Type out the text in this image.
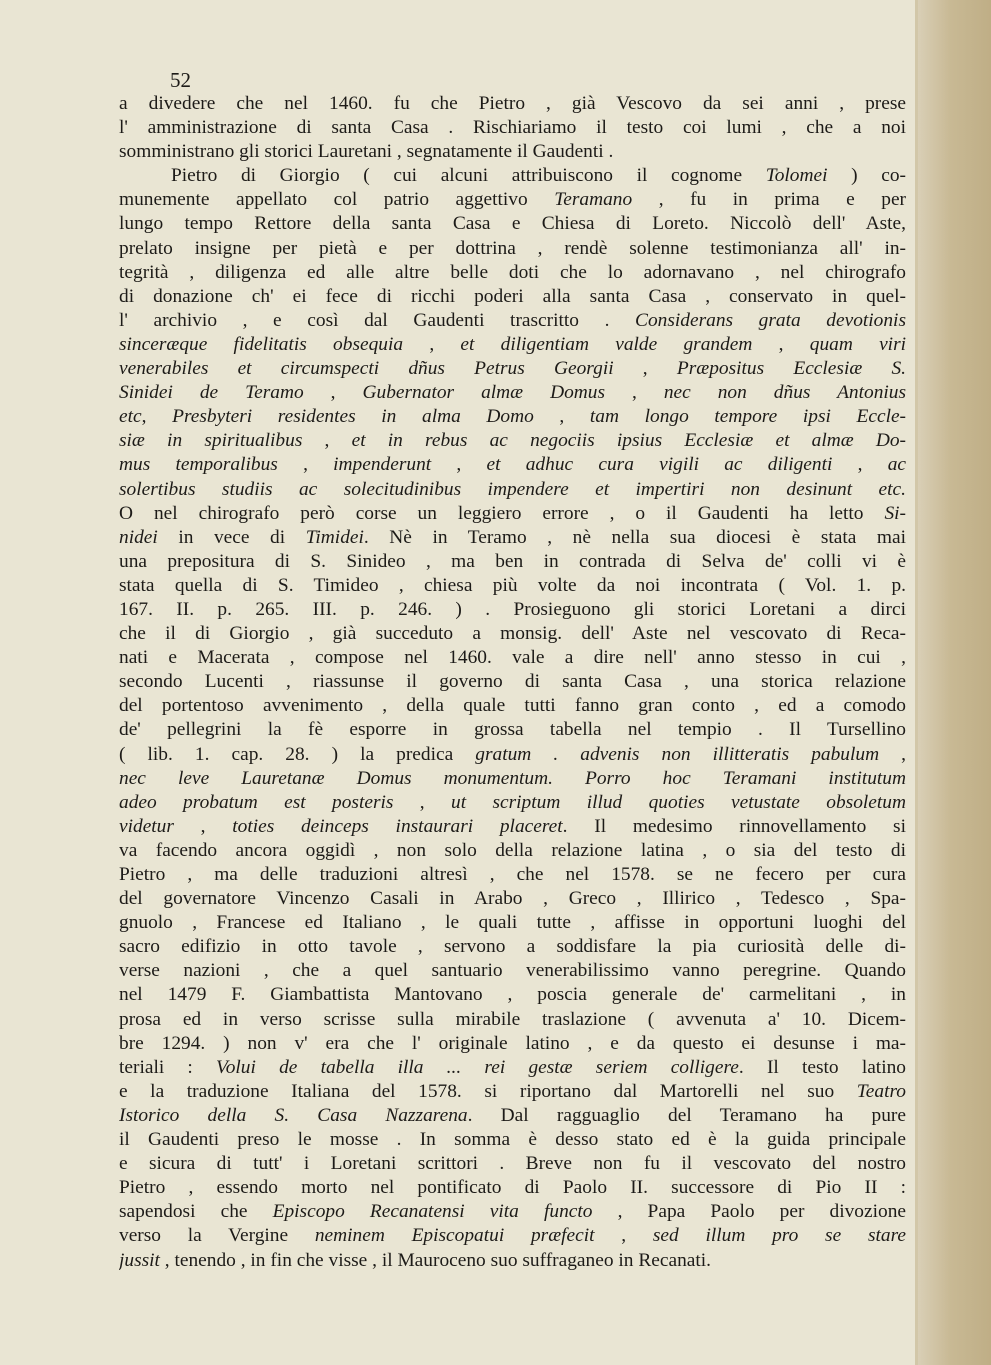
52

a divedere che nel 1460. fu che Pietro , già Vescovo da sei anni , prese
l' amministrazione di santa Casa . Rischiariamo il testo coi lumi , che a noi
somministrano gli storici Lauretani , segnatamente il Gaudenti .
Pietro di Giorgio ( cui alcuni attribuiscono il cognome Tolomei ) co-
munemente appellato col patrio aggettivo Teramano , fu in prima e per
lungo tempo Rettore della santa Casa e Chiesa di Loreto. Niccolò dell' Aste,
prelato insigne per pietà e per dottrina , rendè solenne testimonianza all' in-
tegrità , diligenza ed alle altre belle doti che lo adornavano , nel chirografo
di donazione ch' ei fece di ricchi poderi alla santa Casa , conservato in quel-
l' archivio , e così dal Gaudenti trascritto . Considerans grata devotionis
sinceræque fidelitatis obsequia , et diligentiam valde grandem , quam viri
venerabiles et circumspecti dñus Petrus Georgii , Præpositus Ecclesiæ S.
Sinidei de Teramo , Gubernator almæ Domus , nec non dñus Antonius
etc, Presbyteri residentes in alma Domo , tam longo tempore ipsi Eccle-
siæ in spiritualibus , et in rebus ac negociis ipsius Ecclesiæ et almæ Do-
mus temporalibus , impenderunt , et adhuc cura vigili ac diligenti , ac
solertibus studiis ac solecitudinibus impendere et impertiri non desinunt etc.
O nel chirografo però corse un leggiero errore , o il Gaudenti ha letto Si-
nidei in vece di Timidei. Nè in Teramo , nè nella sua diocesi è stata mai
una prepositura di S. Sinideo , ma ben in contrada di Selva de' colli vi è
stata quella di S. Timideo , chiesa più volte da noi incontrata ( Vol. 1. p.
167. II. p. 265. III. p. 246. ) . Prosieguono gli storici Loretani a dirci
che il di Giorgio , già succeduto a monsig. dell' Aste nel vescovato di Reca-
nati e Macerata , compose nel 1460. vale a dire nell' anno stesso in cui ,
secondo Lucenti , riassunse il governo di santa Casa , una storica relazione
del portentoso avvenimento , della quale tutti fanno gran conto , ed a comodo
de' pellegrini la fè esporre in grossa tabella nel tempio . Il Tursellino
( lib. 1. cap. 28. ) la predica gratum . advenis non illitteratis pabulum ,
nec leve Lauretanæ Domus monumentum. Porro hoc Teramani institutum
adeo probatum est posteris , ut scriptum illud quoties vetustate obsoletum
videtur , toties deinceps instaurari placeret. Il medesimo rinnovellamento si
va facendo ancora oggidì , non solo della relazione latina , o sia del testo di
Pietro , ma delle traduzioni altresì , che nel 1578. se ne fecero per cura
del governatore Vincenzo Casali in Arabo , Greco , Illirico , Tedesco , Spa-
gnuolo , Francese ed Italiano , le quali tutte , affisse in opportuni luoghi del
sacro edifizio in otto tavole , servono a soddisfare la pia curiosità delle di-
verse nazioni , che a quel santuario venerabilissimo vanno peregrine. Quando
nel 1479 F. Giambattista Mantovano , poscia generale de' carmelitani , in
prosa ed in verso scrisse sulla mirabile traslazione ( avvenuta a' 10. Dicem-
bre 1294. ) non v' era che l' originale latino , e da questo ei desunse i ma-
teriali : Volui de tabella illa ... rei gestæ seriem colligere. Il testo latino
e la traduzione Italiana del 1578. si riportano dal Martorelli nel suo Teatro
Istorico della S. Casa Nazzarena. Dal ragguaglio del Teramano ha pure
il Gaudenti preso le mosse . In somma è desso stato ed è la guida principale
e sicura di tutt' i Loretani scrittori . Breve non fu il vescovato del nostro
Pietro , essendo morto nel pontificato di Paolo II. successore di Pio II :
sapendosi che Episcopo Recanatensi vita functo , Papa Paolo per divozione
verso la Vergine neminem Episcopatui præfecit , sed illum pro se stare
jussit , tenendo , in fin che visse , il Mauroceno suo suffraganeo in Recanati.
